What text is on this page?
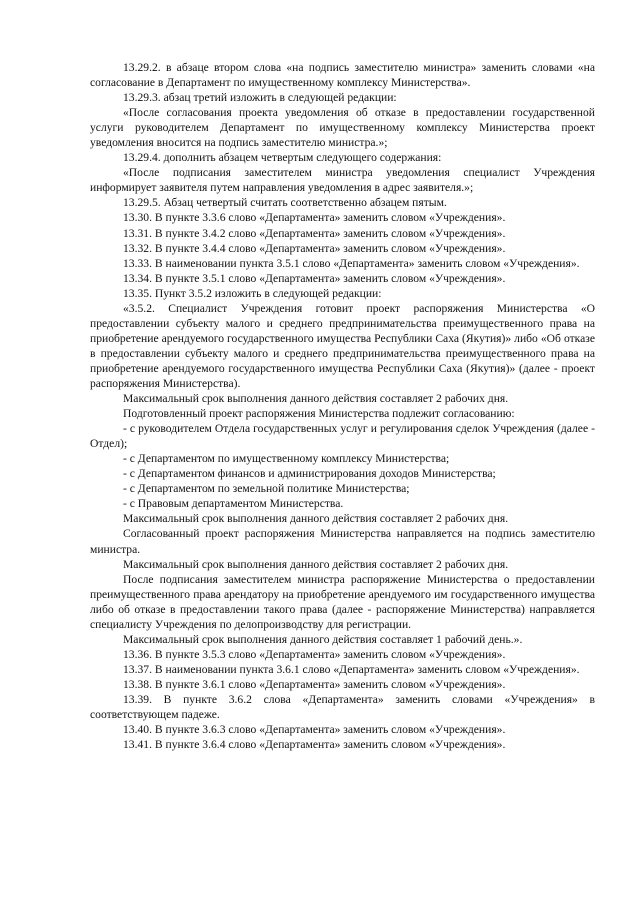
13.29.2. в абзаце втором слова «на подпись заместителю министра» заменить словами «на согласование в Департамент по имущественному комплексу Министерства».

13.29.3. абзац третий изложить в следующей редакции:

«После согласования проекта уведомления об отказе в предоставлении государственной услуги руководителем Департамент по имущественному комплексу Министерства проект уведомления вносится на подпись заместителю министра.»;

13.29.4. дополнить абзацем четвертым следующего содержания:

«После подписания заместителем министра уведомления специалист Учреждения информирует заявителя путем направления уведомления в адрес заявителя.»;

13.29.5. Абзац четвертый считать соответственно абзацем пятым.

13.30. В пункте 3.3.6 слово «Департамента» заменить словом «Учреждения».

13.31. В пункте 3.4.2 слово «Департамента» заменить словом «Учреждения».

13.32. В пункте 3.4.4 слово «Департамента» заменить словом «Учреждения».

13.33. В наименовании пункта 3.5.1 слово «Департамента» заменить словом «Учреждения».

13.34. В пункте 3.5.1 слово «Департамента» заменить словом «Учреждения».

13.35. Пункт 3.5.2 изложить в следующей редакции:

«3.5.2. Специалист Учреждения готовит проект распоряжения Министерства «О предоставлении субъекту малого и среднего предпринимательства преимущественного права на приобретение арендуемого государственного имущества Республики Саха (Якутия)» либо «Об отказе в предоставлении субъекту малого и среднего предпринимательства преимущественного права на приобретение арендуемого государственного имущества Республики Саха (Якутия)» (далее - проект распоряжения Министерства).

Максимальный срок выполнения данного действия составляет 2 рабочих дня.

Подготовленный проект распоряжения Министерства подлежит согласованию:

- с руководителем Отдела государственных услуг и регулирования сделок Учреждения (далее - Отдел);

- с Департаментом по имущественному комплексу Министерства;

- с Департаментом финансов и администрирования доходов Министерства;

- с Департаментом по земельной политике Министерства;

- с Правовым департаментом Министерства.

Максимальный срок выполнения данного действия составляет 2 рабочих дня.

Согласованный проект распоряжения Министерства направляется на подпись заместителю министра.

Максимальный срок выполнения данного действия составляет 2 рабочих дня.

После подписания заместителем министра распоряжение Министерства о предоставлении преимущественного права арендатору на приобретение арендуемого им государственного имущества либо об отказе в предоставлении такого права (далее - распоряжение Министерства) направляется специалисту Учреждения по делопроизводству для регистрации.

Максимальный срок выполнения данного действия составляет 1 рабочий день.».

13.36. В пункте 3.5.3 слово «Департамента» заменить словом «Учреждения».

13.37. В наименовании пункта 3.6.1 слово «Департамента» заменить словом «Учреждения».

13.38. В пункте 3.6.1 слово «Департамента» заменить словом «Учреждения».

13.39. В пункте 3.6.2 слова «Департамента» заменить словами «Учреждения» в соответствующем падеже.

13.40. В пункте 3.6.3 слово «Департамента» заменить словом «Учреждения».

13.41. В пункте 3.6.4 слово «Департамента» заменить словом «Учреждения».
